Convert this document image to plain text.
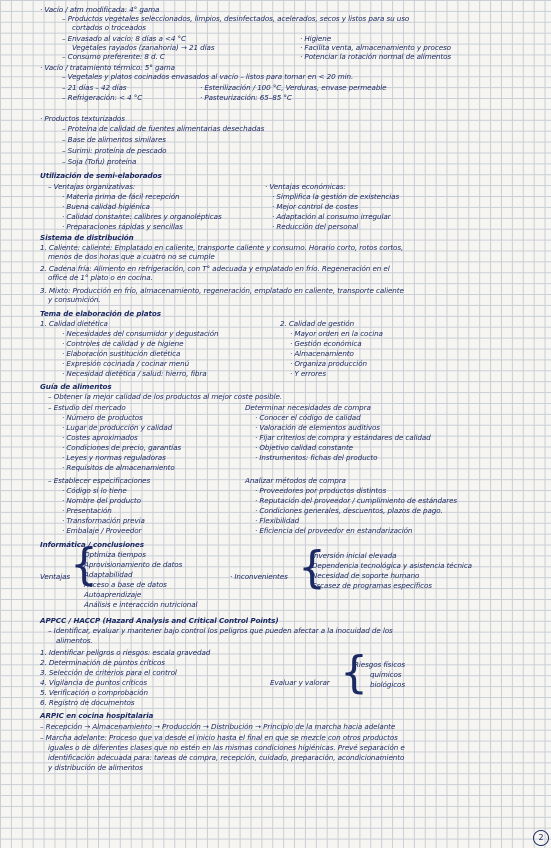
· Vacío / atm modificada: 4° gama
– Productos vegetales seleccionados, limpios, desinfectados, acelerados, secos y listos para su uso
cortados o troceados
– Envasado al vacío: 8 días a <4 °C	· Higiene
Vegetales rayados (zanahoria) → 21 días	· Facilita venta, almacenamiento y proceso
– Consumo preferente: 8 d. C	· Potenciar la rotación normal de alimentos
· Vacío / tratamiento térmico: 5° gama
– Vegetales y platos cocinados envasados al vacío – listos para tomar en < 20 min.
– 21 días – 42 días	· Esterilización / 100 °C, Verduras, envase permeable
– Refrigeración: < 4 °C	· Pasteurización: 65–85 °C
· Productos texturizados
– Proteína de calidad de fuentes alimentarias desechadas
– Base de alimentos similares
– Surimi: proteína de pescado
– Soja (Tofu) proteína
Utilización de semi-elaborados
– Ventajas organizativas:	· Ventajas económicas:
· Materia prima de fácil recepción	· Simplifica la gestión de existencias
· Buena calidad higiénica	· Mejor control de costes
· Calidad constante: calibres y organolépticas	· Adaptación al consumo irregular
· Preparaciones rápidas y sencillas	· Reducción del personal
Sistema de distribución
1. Caliente: caliente: Emplatado en caliente, transporte caliente y consumo. Horario corto, rotos cortos,
menos de dos horas que a cuatro no se cumple
2. Cadena fría: Alimento en refrigeración, con T° adecuada y emplatado en frío. Regeneración en el
office de 1° plato o en cocina.
3. Mixto: Producción en frío, almacenamiento, regeneración, emplatado en caliente, transporte caliente
y consumición.
Tema de elaboración de platos
1. Calidad dietética	2. Calidad de gestión
· Necesidades del consumidor y degustación	· Mayor orden en la cocina
· Controles de calidad y de higiene	· Gestión económica
· Elaboración sustitución dietética	· Almacenamiento
· Expresión cocinada / cocinar menú	· Organiza producción
· Necesidad dietética / salud: hierro, fibra	· Y errores
Guía de alimentos
– Obtener la mejor calidad de los productos al mejor coste posible.
– Estudio del mercado	Determinar necesidades de compra
· Número de productos	· Conocer el código de calidad
· Lugar de producción y calidad	· Valoración de elementos auditivos
· Costes aproximados	· Fijar criterios de compra y estándares de calidad
· Condiciones de precio, garantías	· Objetivo calidad constante
· Leyes y normas reguladoras	· Instrumentos: fichas del producto
· Requisitos de almacenamiento
– Establecer especificaciones	Analizar métodos de compra
· Código si lo tiene	· Proveedores por productos distintos
· Nombre del producto	· Reputación del proveedor / cumplimiento de estándares
· Presentación	· Condiciones generales, descuentos, plazos de pago.
· Transformación previa	· Flexibilidad
· Embalaje / Proveedor	· Eficiencia del proveedor en estandarización
Informática / conclusiones
{
Optimiza tiempos
Aprovisionamiento de datos
Ventajas Adaptabilidad
Acceso a base de datos
Autoaprendizaje
Análisis e interacción nutricional
· Inconvenientes {
Inversión inicial elevada
Dependencia tecnológica y asistencia técnica
Necesidad de soporte humano
Escasez de programas específicos
APPCC / HACCP (Hazard Analysis and Critical Control Points)
– Identificar, evaluar y mantener bajo control los peligros que pueden afectar a la inocuidad de los
alimentos.
1. Identificar peligros o riesgos: escala gravedad
2. Determinación de puntos críticos
3. Selección de criterios para el control
4. Vigilancia de puntos críticos	Evaluar y valorar {
Riesgos físicos
químicos
biológicos
5. Verificación o comprobación
6. Registro de documentos
ARPIC en cocina hospitalaria
– Recepción → Almacenamiento → Producción → Distribución → Principio de la marcha hacia adelante
– Marcha adelante: Proceso que va desde el inicio hasta el final en que se mezcle con otros productos
iguales o de diferentes clases que no estén en las mismas condiciones higiénicas. Prevé separación e
identificación adecuada para: tareas de compra, recepción, cuidado, preparación, acondicionamiento
y distribución de alimentos
2
